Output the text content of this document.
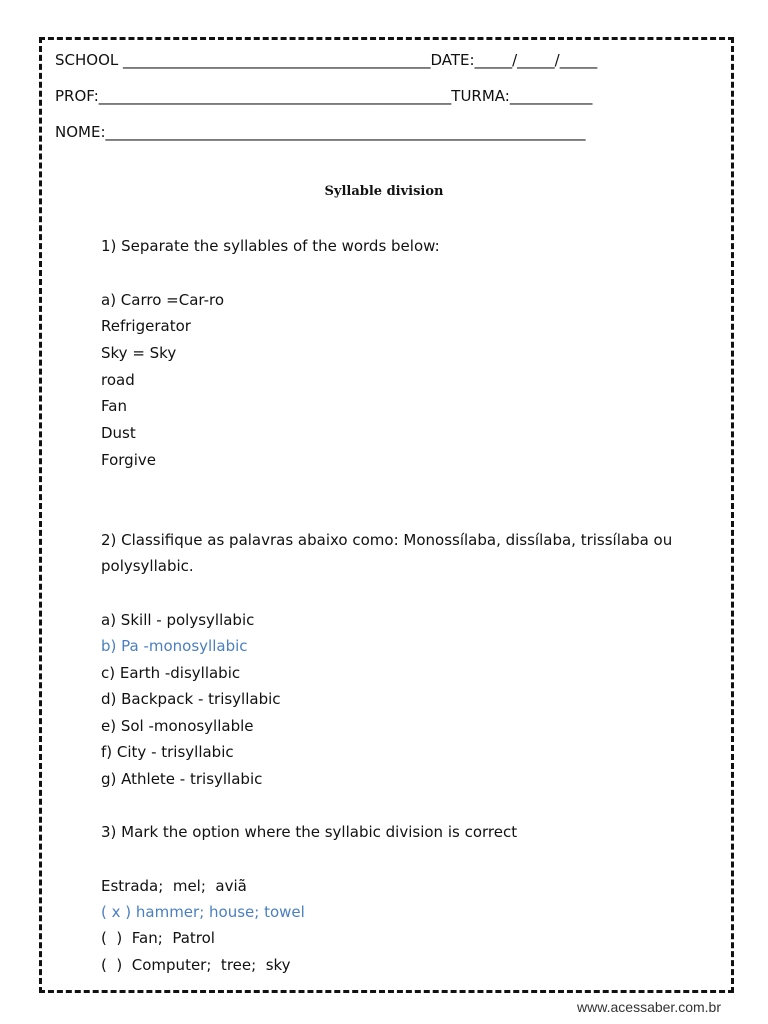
SCHOOL _________________________________________DATE:_____/_____/_____
PROF:_______________________________________________TURMA:___________
NOME:________________________________________________________________
Syllable division
1) Separate the syllables of the words below:
a) Carro =Car-ro
Refrigerator
Sky = Sky
road
Fan
Dust
Forgive
2) Classifique as palavras abaixo como: Monossílaba, dissílaba, trissílaba ou
polysyllabic.
a) Skill - polysyllabic
b) Pa -monosyllabic
c) Earth -disyllabic
d) Backpack - trisyllabic
e) Sol -monosyllable
f) City - trisyllabic
g) Athlete - trisyllabic
3) Mark the option where the syllabic division is correct
Estrada;  mel;  aviã
( x ) hammer; house; towel
(  )  Fan;  Patrol
(  )  Computer;  tree;  sky
www.acessaber.com.br
